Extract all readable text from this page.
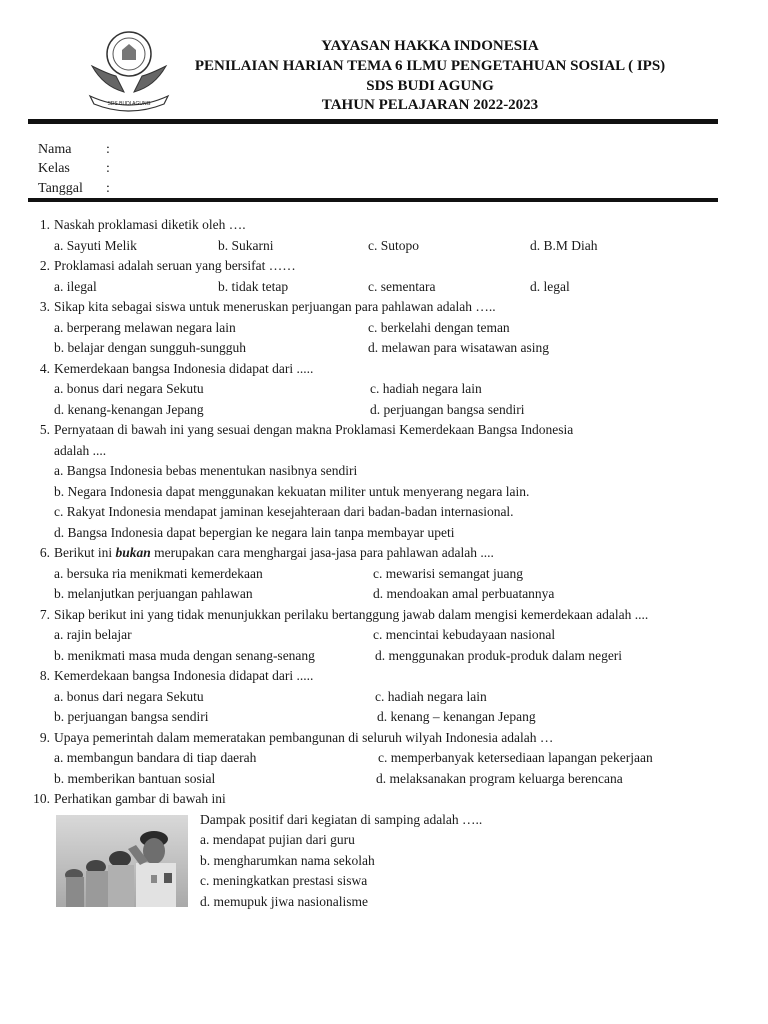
SDS BUDI AGUNG
YAYASAN HAKKA INDONESIA
PENILAIAN HARIAN TEMA 6 ILMU PENGETAHUAN SOSIAL ( IPS)
SDS BUDI AGUNG
TAHUN PELAJARAN 2022-2023
Nama :
Kelas	:
Tanggal :
1. Naskah proklamasi diketik oleh ….
a. Sayuti Melik	b. Sukarni	c. Sutopo	d. B.M Diah
2. Proklamasi adalah seruan yang bersifat ……
a. ilegal	b. tidak tetap	c. sementara	d. legal
3. Sikap kita sebagai siswa untuk meneruskan perjuangan para pahlawan adalah …..
a. berperang melawan negara lain	c. berkelahi dengan teman
b. belajar dengan sungguh-sungguh	d. melawan para wisatawan asing
4. Kemerdekaan bangsa Indonesia didapat dari .....
a. bonus dari negara Sekutu	c. hadiah negara lain
d. kenang-kenangan Jepang	d. perjuangan bangsa sendiri
5. Pernyataan di bawah ini yang sesuai dengan makna Proklamasi Kemerdekaan Bangsa Indonesia
adalah ....
a. Bangsa Indonesia bebas menentukan nasibnya sendiri
b. Negara Indonesia dapat menggunakan kekuatan militer untuk menyerang negara lain.
c. Rakyat Indonesia mendapat jaminan kesejahteraan dari badan-badan internasional.
d. Bangsa Indonesia dapat bepergian ke negara lain tanpa membayar upeti
6. Berikut ini bukan merupakan cara menghargai jasa-jasa para pahlawan adalah ....
a. bersuka ria menikmati kemerdekaan	c. mewarisi semangat juang
b. melanjutkan perjuangan pahlawan	d. mendoakan amal perbuatannya
7. Sikap berikut ini yang tidak menunjukkan perilaku bertanggung jawab dalam mengisi kemerdekaan adalah ....
a. rajin belajar	c. mencintai kebudayaan nasional
b. menikmati masa muda dengan senang-senang	d. menggunakan produk-produk dalam negeri
8. Kemerdekaan bangsa Indonesia didapat dari .....
a. bonus dari negara Sekutu	c. hadiah negara lain
b. perjuangan bangsa sendiri	d. kenang – kenangan Jepang
9. Upaya pemerintah dalam memeratakan pembangunan di seluruh wilyah Indonesia adalah …
a. membangun bandara di tiap daerah	c. memperbanyak ketersediaan lapangan pekerjaan
b. memberikan bantuan sosial	d. melaksanakan program keluarga berencana
10. Perhatikan gambar di bawah ini
Dampak positif dari kegiatan di samping adalah …..
a. mendapat pujian dari guru
b. mengharumkan nama sekolah
c. meningkatkan prestasi siswa
d. memupuk jiwa nasionalisme
